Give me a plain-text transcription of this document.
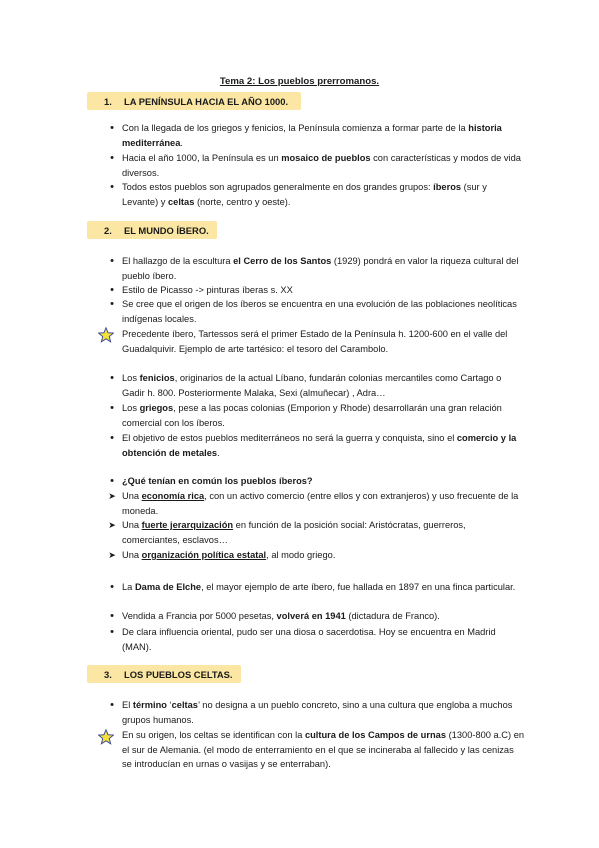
Tema 2: Los pueblos prerromanos.
1. LA PENÍNSULA HACIA EL AÑO 1000.
•
Con la llegada de los griegos y fenicios, la Península comienza a formar parte de la historia mediterránea.
•
Hacia el año 1000, la Península es un mosaico de pueblos con características y modos de vida diversos.
•
Todos estos pueblos son agrupados generalmente en dos grandes grupos: íberos (sur y Levante) y celtas (norte, centro y oeste).
2. EL MUNDO ÍBERO.
•
El hallazgo de la escultura el Cerro de los Santos (1929) pondrá en valor la riqueza cultural del pueblo íbero.
•
Estilo de Picasso -> pinturas íberas s. XX
•
Se cree que el origen de los íberos se encuentra en una evolución de las poblaciones neolíticas indígenas locales.
Precedente íbero, Tartessos será el primer Estado de la Península h. 1200-600 en el valle del Guadalquivir. Ejemplo de arte tartésico: el tesoro del Carambolo.
•
Los fenicios, originarios de la actual Líbano, fundarán colonias mercantiles como Cartago o Gadir h. 800. Posteriormente Malaka, Sexi (almuñecar) , Adra…
•
Los griegos, pese a las pocas colonias (Emporion y Rhode) desarrollarán una gran relación comercial con los íberos.
•
El objetivo de estos pueblos mediterráneos no será la guerra y conquista, sino el comercio y la obtención de metales.
•
¿Qué tenían en común los pueblos íberos?
➤ Una economía rica, con un activo comercio (entre ellos y con extranjeros) y uso frecuente de la moneda.
➤ Una fuerte jerarquización en función de la posición social: Aristócratas, guerreros, comerciantes, esclavos…
➤ Una organización política estatal, al modo griego.
•
La Dama de Elche, el mayor ejemplo de arte íbero, fue hallada en 1897 en una finca particular.
•
Vendida a Francia por 5000 pesetas, volverá en 1941 (dictadura de Franco).
•
De clara influencia oriental, pudo ser una diosa o sacerdotisa. Hoy se encuentra en Madrid (MAN).
3. LOS PUEBLOS CELTAS.
•
El término ‘celtas’ no designa a un pueblo concreto, sino a una cultura que engloba a muchos grupos humanos.
En su origen, los celtas se identifican con la cultura de los Campos de urnas (1300-800 a.C) en el sur de Alemania. (el modo de enterramiento en el que se incineraba al fallecido y las cenizas se introducían en urnas o vasijas y se enterraban).
